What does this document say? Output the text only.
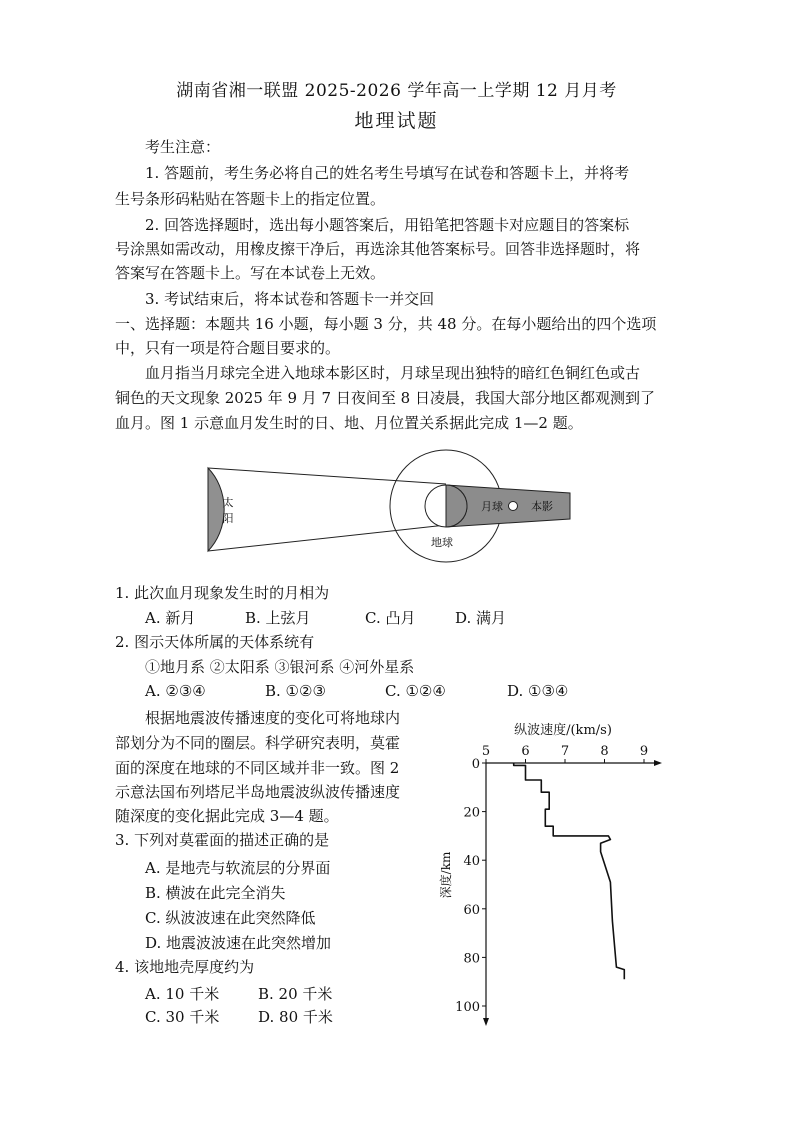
湖南省湘一联盟 2025-2026 学年高一上学期 12 月月考
地理试题
考生注意：
1. 答题前，考生务必将自己的姓名考生号填写在试卷和答题卡上，并将考
生号条形码粘贴在答题卡上的指定位置。
2. 回答选择题时，选出每小题答案后，用铅笔把答题卡对应题目的答案标
号涂黑如需改动，用橡皮擦干净后，再选涂其他答案标号。回答非选择题时，将
答案写在答题卡上。写在本试卷上无效。
3. 考试结束后，将本试卷和答题卡一并交回
一、选择题：本题共 16 小题，每小题 3 分，共 48 分。在每小题给出的四个选项
中，只有一项是符合题目要求的。
血月指当月球完全进入地球本影区时，月球呈现出独特的暗红色铜红色或古
铜色的天文现象 2025 年 9 月 7 日夜间至 8 日凌晨，我国大部分地区都观测到了
血月。图 1 示意血月发生时的日、地、月位置关系据此完成 1—2 题。
太
阳
地球
月球	本影
1. 此次血月现象发生时的月相为
A. 新月	B. 上弦月	C. 凸月	D. 满月
2. 图示天体所属的天体系统有
①地月系 ②太阳系 ③银河系 ④河外星系
A. ②③④	B. ①②③	C. ①②④	D. ①③④
根据地震波传播速度的变化可将地球内
部划分为不同的圈层。科学研究表明，莫霍
面的深度在地球的不同区域并非一致。图 2
示意法国布列塔尼半岛地震波纵波传播速度
随深度的变化据此完成 3—4 题。
3. 下列对莫霍面的描述正确的是
A. 是地壳与软流层的分界面
B. 横波在此完全消失
C. 纵波波速在此突然降低
D. 地震波波速在此突然增加
4. 该地地壳厚度约为
A. 10 千米	B. 20 千米
C. 30 千米	D. 80 千米
纵波速度/(km/s)
深度/km
5 6 7 8 9
0
20
40
60
80
100
